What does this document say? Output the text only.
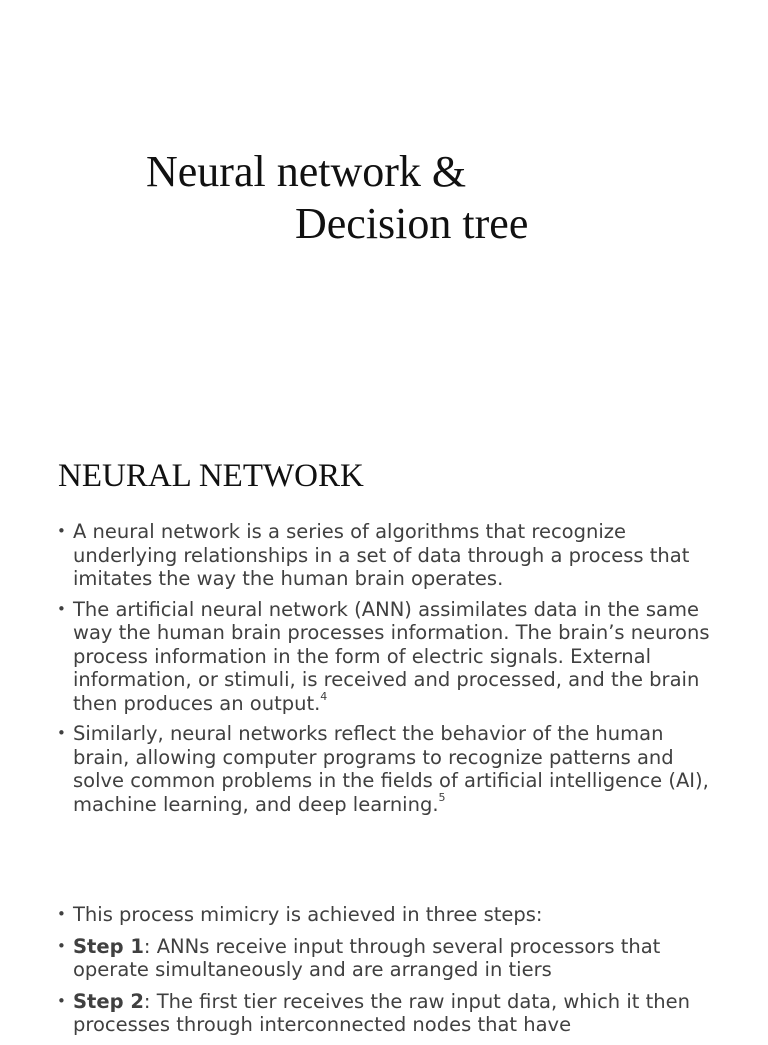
Neural network &
Decision tree
NEURAL NETWORK
• A neural network is a series of algorithms that recognize underlying relationships in a set of data through a process that imitates the way the human brain operates.
• The artificial neural network (ANN) assimilates data in the same way the human brain processes information. The brain’s neurons process information in the form of electric signals. External information, or stimuli, is received and processed, and the brain then produces an output.$^4$
• Similarly, neural networks reflect the behavior of the human brain, allowing computer programs to recognize patterns and solve common problems in the fields of artificial intelligence (AI), machine learning, and deep learning.$^5$
• This process mimicry is achieved in three steps:
• Step 1: ANNs receive input through several processors that operate simultaneously and are arranged in tiers
• Step 2: The first tier receives the raw input data, which it then processes through interconnected nodes that have
